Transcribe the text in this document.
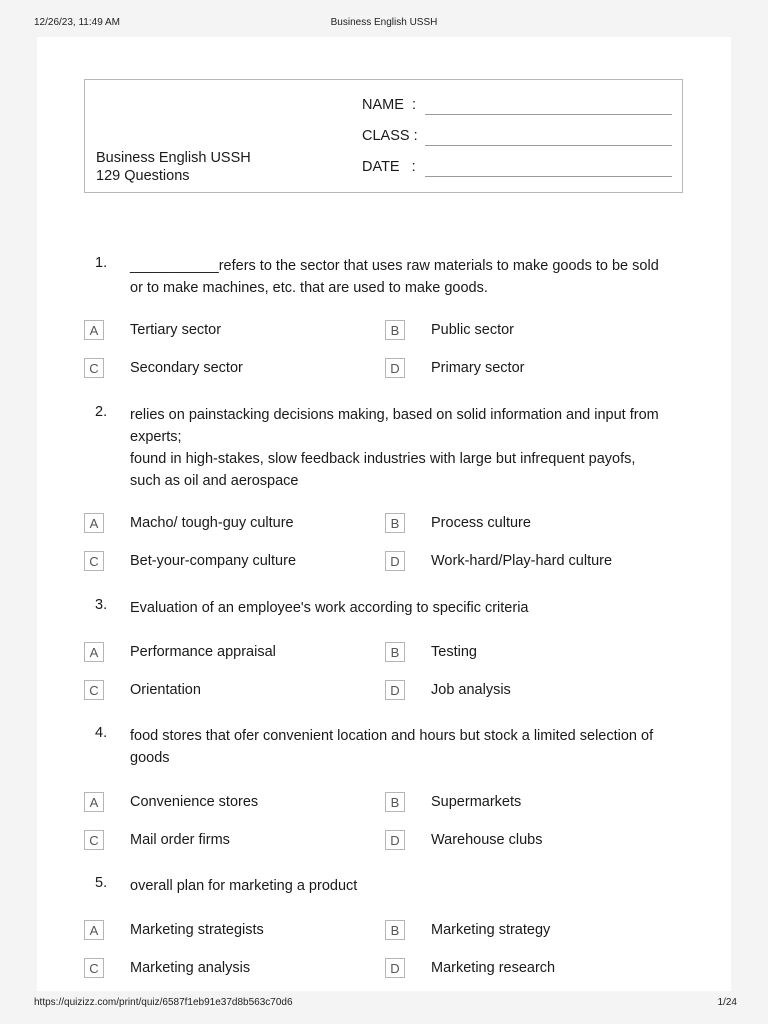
12/26/23, 11:49 AM	Business English USSH
Business English USSH
129 Questions
NAME  :
CLASS :
DATE   :
1. ___________refers to the sector that uses raw materials to make goods to be sold
or to make machines, etc. that are used to make goods.
A	Tertiary sector	B	Public sector
C	Secondary sector	D	Primary sector
2. relies on painstacking decisions making, based on solid information and input from
experts;
found in high-stakes, slow feedback industries with large but infrequent payofs,
such as oil and aerospace
A	Macho/ tough-guy culture	B	Process culture
C	Bet-your-company culture	D	Work-hard/Play-hard culture
3. Evaluation of an employee's work according to specific criteria
A	Performance appraisal	B	Testing
C	Orientation	D	Job analysis
4. food stores that ofer convenient location and hours but stock a limited selection of
goods
A	Convenience stores	B	Supermarkets
C	Mail order firms	D	Warehouse clubs
5. overall plan for marketing a product
A	Marketing strategists	B	Marketing strategy
C	Marketing analysis	D	Marketing research
https://quizizz.com/print/quiz/6587f1eb91e37d8b563c70d6	1/24
